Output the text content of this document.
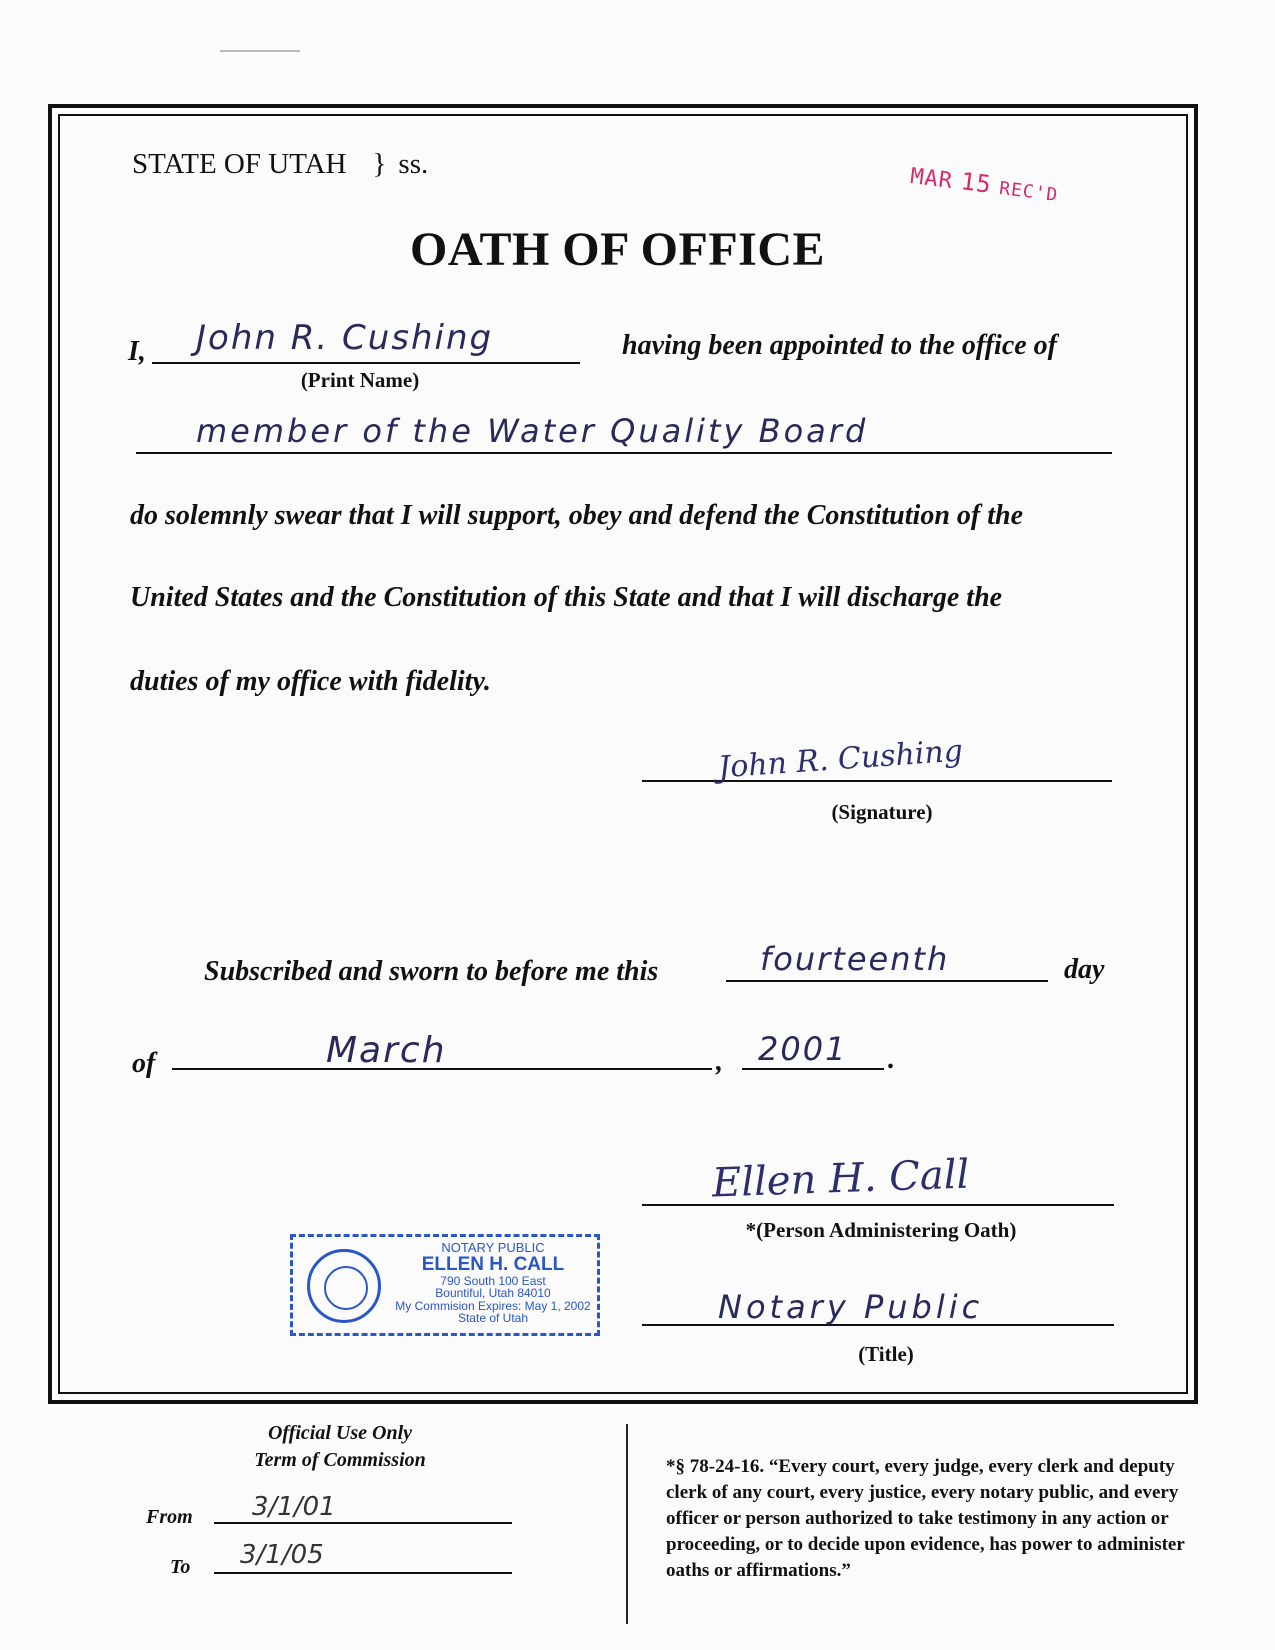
STATE OF UTAH } ss.	MAR 15 REC'D
OATH OF OFFICE
I, John R. Cushing
(Print Name)
having been appointed to the office of
member of the Water Quality Board
do solemnly swear that I will support, obey and defend the Constitution of the
United States and the Constitution of this State and that I will discharge the
duties of my office with fidelity.
John R. Cushing
(Signature)
Subscribed and sworn to before me this	fourteenth	day
of	March	, 2001 .
Ellen H. Call
*(Person Administering Oath)
NOTARY PUBLIC
ELLEN H. CALL
790 South 100 East
Bountiful, Utah 84010
My Commision Expires: May 1, 2002
State of Utah	Notary Public
(Title)
Official Use Only
Term of Commission
From 3/1/01
To 3/1/05
*§ 78-24-16. “Every court, every judge, every clerk and deputy clerk of any court, every justice, every notary public, and every officer or person authorized to take testimony in any action or proceeding, or to decide upon evidence, has power to administer oaths or affirmations.”
